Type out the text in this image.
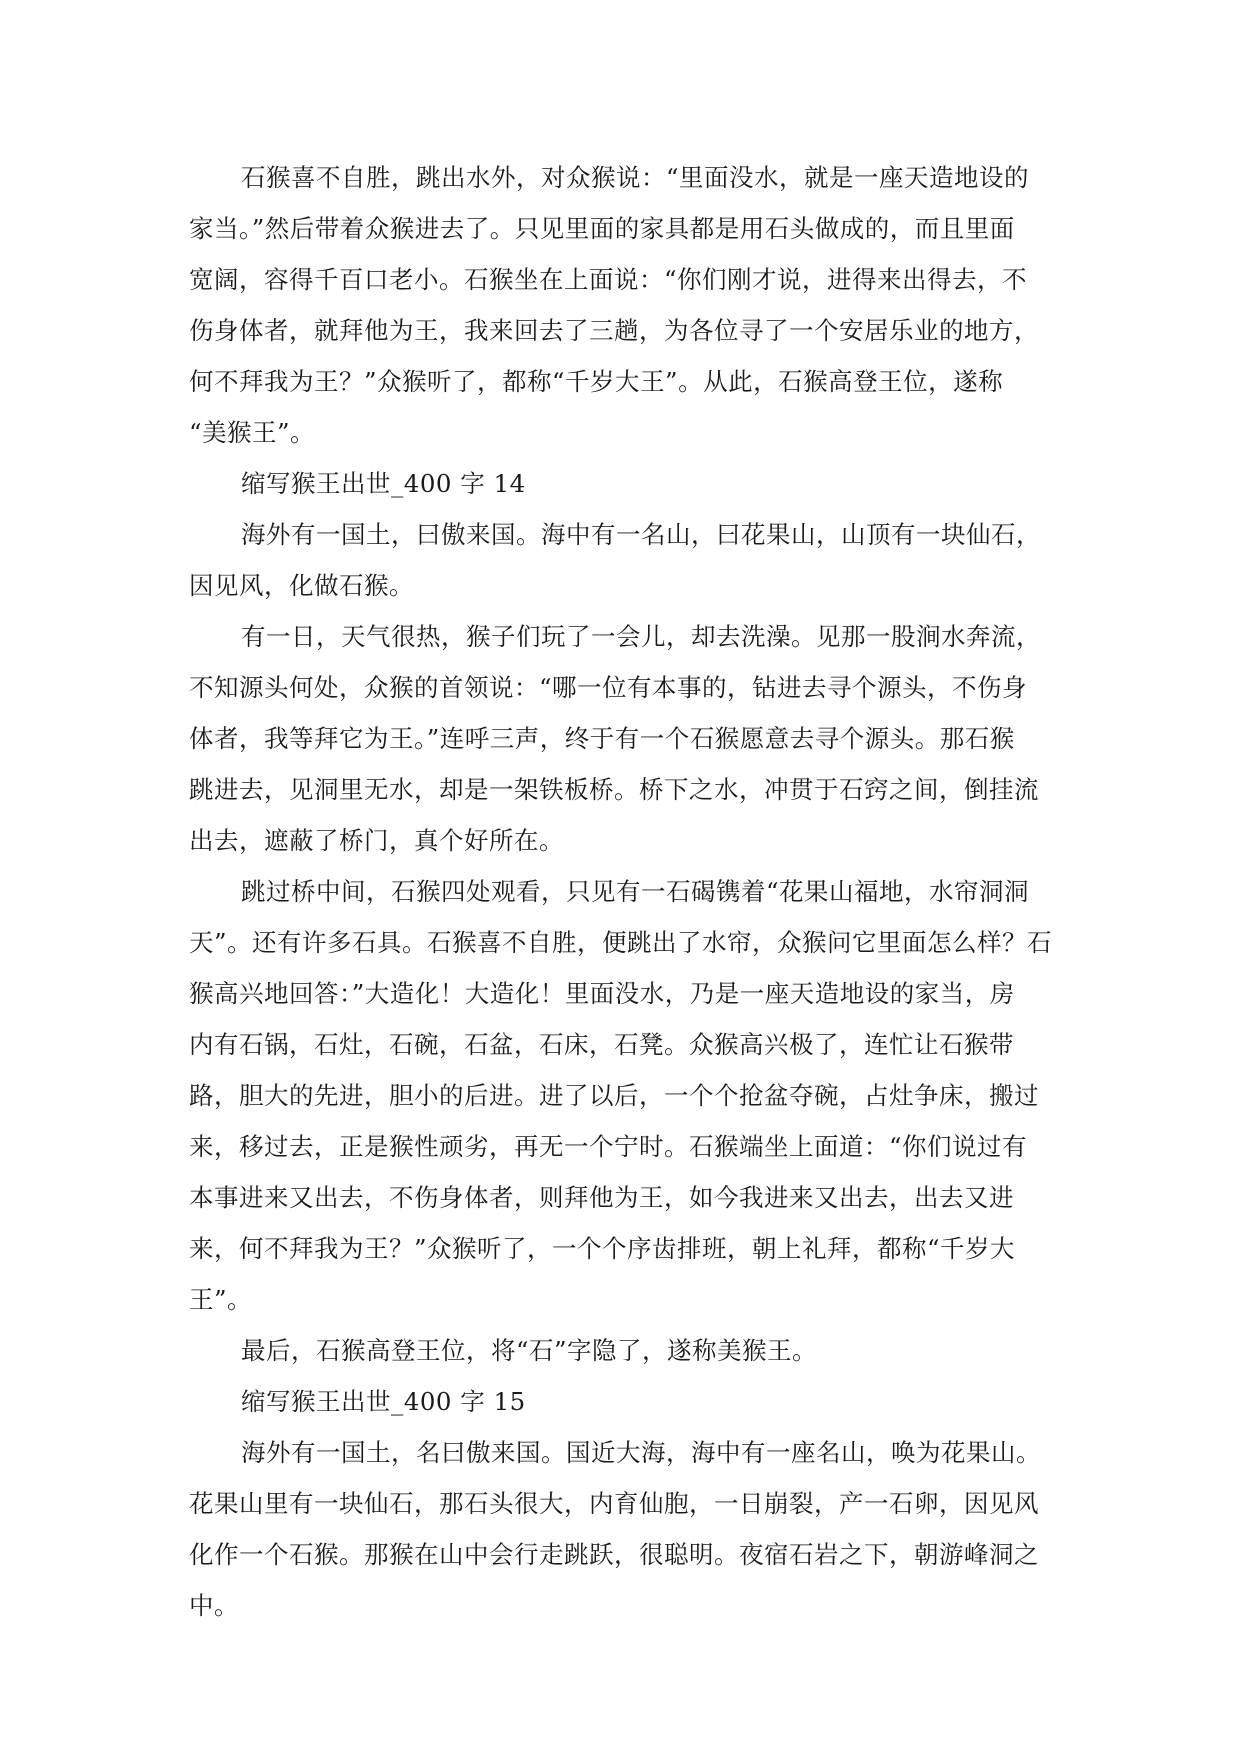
石猴喜不自胜，跳出水外，对众猴说：“里面没水，就是一座天造地设的
家当。”然后带着众猴进去了。只见里面的家具都是用石头做成的，而且里面
宽阔，容得千百口老小。石猴坐在上面说：“你们刚才说，进得来出得去，不
伤身体者，就拜他为王，我来回去了三趟，为各位寻了一个安居乐业的地方，
何不拜我为王？”众猴听了，都称“千岁大王”。从此，石猴高登王位，遂称
“美猴王”。
缩写猴王出世_400 字 14
海外有一国土，曰傲来国。海中有一名山，曰花果山，山顶有一块仙石，
因见风，化做石猴。
有一日，天气很热，猴子们玩了一会儿，却去洗澡。见那一股涧水奔流，
不知源头何处，众猴的首领说：“哪一位有本事的，钻进去寻个源头，不伤身
体者，我等拜它为王。”连呼三声，终于有一个石猴愿意去寻个源头。那石猴
跳进去，见洞里无水，却是一架铁板桥。桥下之水，冲贯于石窍之间，倒挂流
出去，遮蔽了桥门，真个好所在。
跳过桥中间，石猴四处观看，只见有一石碣镌着“花果山福地，水帘洞洞
天”。还有许多石具。石猴喜不自胜，便跳出了水帘，众猴问它里面怎么样？石
猴高兴地回答：”大造化！大造化！里面没水，乃是一座天造地设的家当，房
内有石锅，石灶，石碗，石盆，石床，石凳。众猴高兴极了，连忙让石猴带
路，胆大的先进，胆小的后进。进了以后，一个个抢盆夺碗，占灶争床，搬过
来，移过去，正是猴性顽劣，再无一个宁时。石猴端坐上面道：“你们说过有
本事进来又出去，不伤身体者，则拜他为王，如今我进来又出去，出去又进
来，何不拜我为王？”众猴听了，一个个序齿排班，朝上礼拜，都称“千岁大
王”。
最后，石猴高登王位，将“石”字隐了，遂称美猴王。
缩写猴王出世_400 字 15
海外有一国土，名曰傲来国。国近大海，海中有一座名山，唤为花果山。
花果山里有一块仙石，那石头很大，内育仙胞，一日崩裂，产一石卵，因见风
化作一个石猴。那猴在山中会行走跳跃，很聪明。夜宿石岩之下，朝游峰洞之
中。
